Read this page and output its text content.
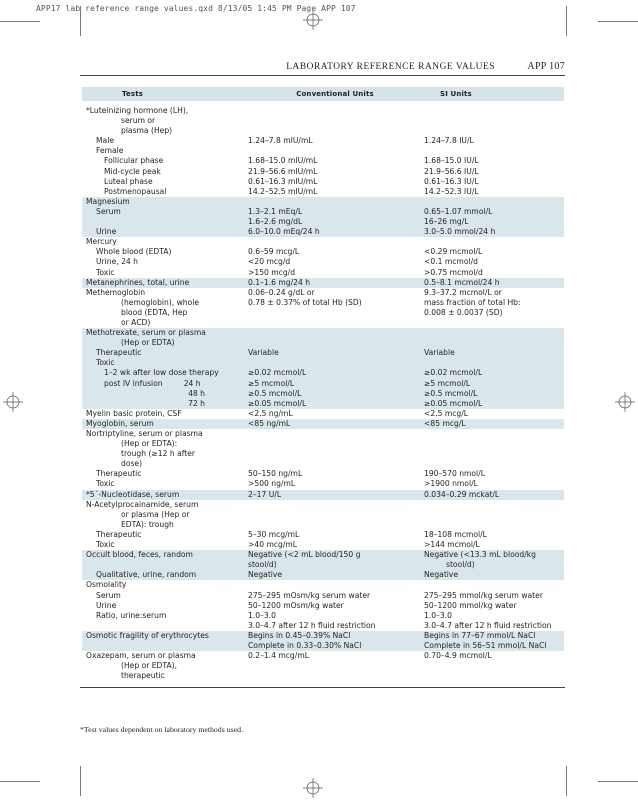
APP17 lab reference range values.qxd 8/13/05 1:45 PM Page APP 107
LABORATORY REFERENCE RANGE VALUES	APP 107
Tests	Conventional Units	SI Units
*Luteinizing hormone (LH),		
serum or		
plasma (Hep)		
Male	1.24–7.8 mIU/mL	1.24–7.8 IU/L
Female		
Follicular phase	1.68–15.0 mIU/mL	1.68–15.0 IU/L
Mid-cycle peak	21.9–56.6 mIU/mL	21.9–56.6 IU/L
Luteal phase	0.61–16.3 mIU/mL	0.61–16.3 IU/L
Postmenopausal	14.2–52.5 mIU/mL	14.2–52.3 IU/L
Magnesium		
Serum	1.3–2.1 mEq/L	0.65–1.07 mmol/L
	1.6–2.6 mg/dL	16–26 mg/L
Urine	6.0–10.0 mEq/24 h	3.0–5.0 mmol/24 h
Mercury		
Whole blood (EDTA)	0.6–59 mcg/L	<0.29 mcmol/L
Urine, 24 h	<20 mcg/d	<0.1 mcmol/d
Toxic	>150 mcg/d	>0.75 mcmol/d
Metanephrines, total, urine	0.1–1.6 mg/24 h	0.5–8.1 mcmol/24 h
Methemoglobin	0.06–0.24 g/dL or	9.3–37.2 mcmol/L or
(hemoglobin), whole	0.78 ± 0.37% of total Hb (SD)	mass fraction of total Hb:
blood (EDTA, Hep		0.008 ± 0.0037 (SD)
or ACD)		
Methotrexate, serum or plasma		
(Hep or EDTA)		
Therapeutic	Variable	Variable
Toxic		
1–2 wk after low dose therapy	≥0.02 mcmol/L	≥0.02 mcmol/L
post IV infusion 24 h	≥5 mcmol/L	≥5 mcmol/L
48 h	≥0.5 mcmol/L	≥0.5 mcmol/L
72 h	≥0.05 mcmol/L	≥0.05 mcmol/L
Myelin basic protein, CSF	<2.5 ng/mL	<2.5 mcg/L
Myoglobin, serum	<85 ng/mL	<85 mcg/L
Nortriptyline, serum or plasma		
(Hep or EDTA):		
trough (≥12 h after		
dose)		
Therapeutic	50–150 ng/mL	190–570 nmol/L
Toxic	>500 ng/mL	>1900 nmol/L
*5´-Nucleotidase, serum	2–17 U/L	0.034–0.29 mckat/L
N-Acetylprocainamide, serum		
or plasma (Hep or		
EDTA): trough		
Therapeutic	5–30 mcg/mL	18–108 mcmol/L
Toxic	>40 mcg/mL	>144 mcmol/L
Occult blood, feces, random	Negative (<2 mL blood/150 g	Negative (<13.3 mL blood/kg
	stool/d)	stool/d)
Qualitative, urine, random	Negative	Negative
Osmolality		
Serum	275–295 mOsm/kg serum water	275–295 mmol/kg serum water
Urine	50–1200 mOsm/kg water	50–1200 mmol/kg water
Ratio, urine:serum	1.0–3.0	1.0–3.0
	3.0–4.7 after 12 h fluid restriction	3.0–4.7 after 12 h fluid restriction
Osmotic fragility of erythrocytes	Begins in 0.45–0.39% NaCl	Begins in 77–67 mmol/L NaCl
	Complete in 0.33–0.30% NaCl	Complete in 56–51 mmol/L NaCl
Oxazepam, serum or plasma	0.2–1.4 mcg/mL	0.70–4.9 mcmol/L
(Hep or EDTA),		
therapeutic		
*Test values dependent on laboratory methods used.
